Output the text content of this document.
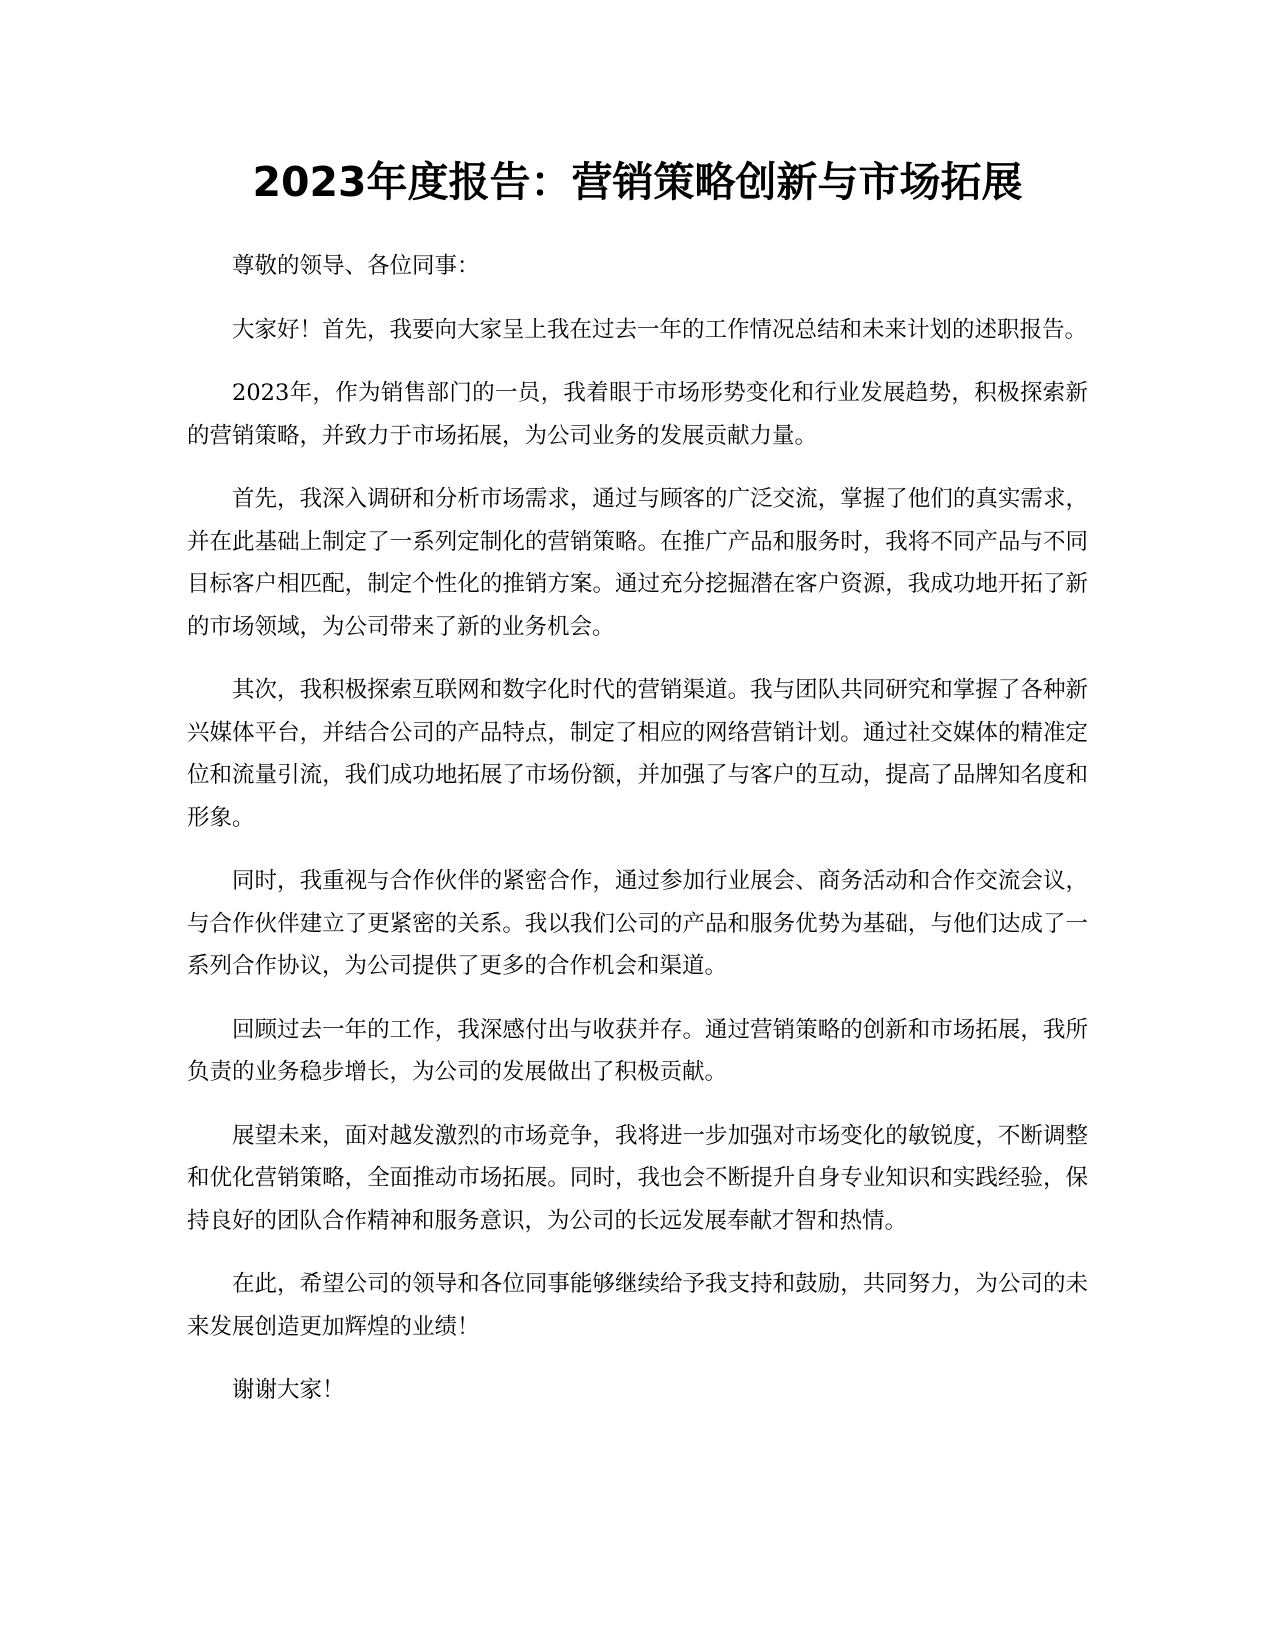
2023年度报告：营销策略创新与市场拓展

尊敬的领导、各位同事：

大家好！首先，我要向大家呈上我在过去一年的工作情况总结和未来计划的述职报告。

2023年，作为销售部门的一员，我着眼于市场形势变化和行业发展趋势，积极探索新的营销策略，并致力于市场拓展，为公司业务的发展贡献力量。

首先，我深入调研和分析市场需求，通过与顾客的广泛交流，掌握了他们的真实需求，并在此基础上制定了一系列定制化的营销策略。在推广产品和服务时，我将不同产品与不同目标客户相匹配，制定个性化的推销方案。通过充分挖掘潜在客户资源，我成功地开拓了新的市场领域，为公司带来了新的业务机会。

其次，我积极探索互联网和数字化时代的营销渠道。我与团队共同研究和掌握了各种新兴媒体平台，并结合公司的产品特点，制定了相应的网络营销计划。通过社交媒体的精准定位和流量引流，我们成功地拓展了市场份额，并加强了与客户的互动，提高了品牌知名度和形象。

同时，我重视与合作伙伴的紧密合作，通过参加行业展会、商务活动和合作交流会议，与合作伙伴建立了更紧密的关系。我以我们公司的产品和服务优势为基础，与他们达成了一系列合作协议，为公司提供了更多的合作机会和渠道。

回顾过去一年的工作，我深感付出与收获并存。通过营销策略的创新和市场拓展，我所负责的业务稳步增长，为公司的发展做出了积极贡献。

展望未来，面对越发激烈的市场竞争，我将进一步加强对市场变化的敏锐度，不断调整和优化营销策略，全面推动市场拓展。同时，我也会不断提升自身专业知识和实践经验，保持良好的团队合作精神和服务意识，为公司的长远发展奉献才智和热情。

在此，希望公司的领导和各位同事能够继续给予我支持和鼓励，共同努力，为公司的未来发展创造更加辉煌的业绩！

谢谢大家！
